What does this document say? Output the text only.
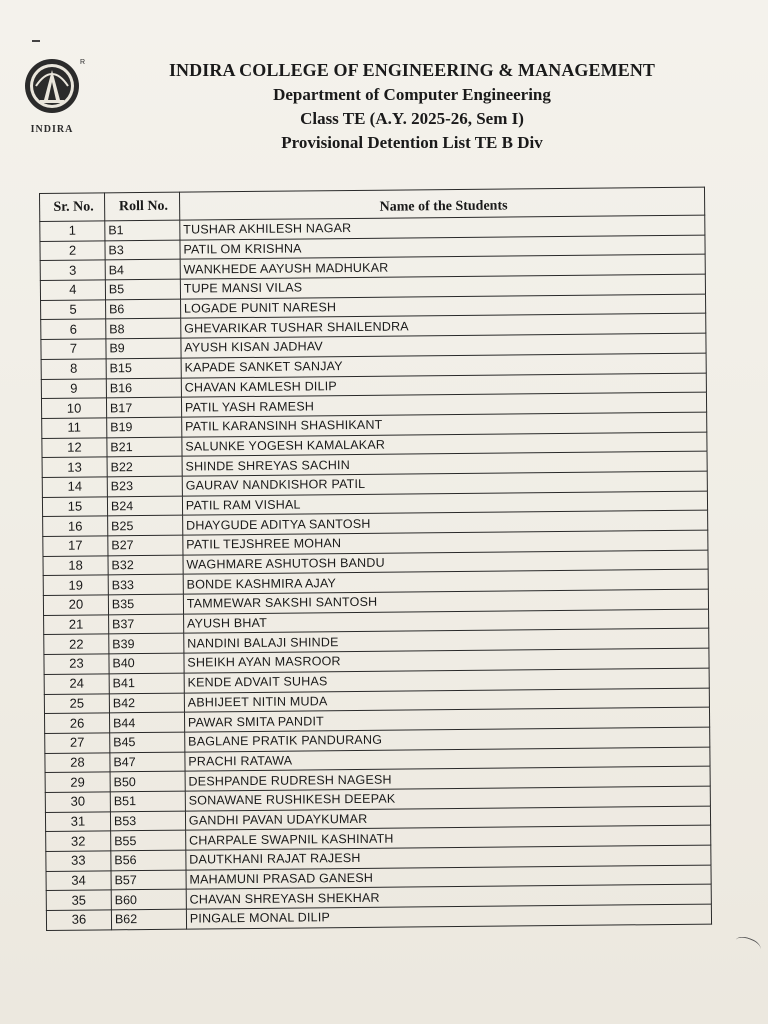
R
INDIRA
INDIRA COLLEGE OF ENGINEERING & MANAGEMENT
Department of Computer Engineering
Class TE (A.Y. 2025-26, Sem I)
Provisional Detention List TE B Div
Sr. No.	Roll No.	Name of the Students
1	B1	TUSHAR AKHILESH NAGAR
2	B3	PATIL OM KRISHNA
3	B4	WANKHEDE AAYUSH MADHUKAR
4	B5	TUPE MANSI VILAS
5	B6	LOGADE PUNIT NARESH
6	B8	GHEVARIKAR TUSHAR SHAILENDRA
7	B9	AYUSH KISAN JADHAV
8	B15	KAPADE SANKET SANJAY
9	B16	CHAVAN KAMLESH DILIP
10	B17	PATIL YASH RAMESH
11	B19	PATIL KARANSINH SHASHIKANT
12	B21	SALUNKE YOGESH KAMALAKAR
13	B22	SHINDE SHREYAS SACHIN
14	B23	GAURAV NANDKISHOR PATIL
15	B24	PATIL RAM VISHAL
16	B25	DHAYGUDE ADITYA SANTOSH
17	B27	PATIL TEJSHREE MOHAN
18	B32	WAGHMARE ASHUTOSH BANDU
19	B33	BONDE KASHMIRA AJAY
20	B35	TAMMEWAR SAKSHI SANTOSH
21	B37	AYUSH BHAT
22	B39	NANDINI BALAJI SHINDE
23	B40	SHEIKH AYAN MASROOR
24	B41	KENDE ADVAIT SUHAS
25	B42	ABHIJEET NITIN MUDA
26	B44	PAWAR SMITA PANDIT
27	B45	BAGLANE PRATIK PANDURANG
28	B47	PRACHI RATAWA
29	B50	DESHPANDE RUDRESH NAGESH
30	B51	SONAWANE RUSHIKESH DEEPAK
31	B53	GANDHI PAVAN UDAYKUMAR
32	B55	CHARPALE SWAPNIL KASHINATH
33	B56	DAUTKHANI RAJAT RAJESH
34	B57	MAHAMUNI PRASAD GANESH
35	B60	CHAVAN SHREYASH SHEKHAR
36	B62	PINGALE MONAL DILIP
